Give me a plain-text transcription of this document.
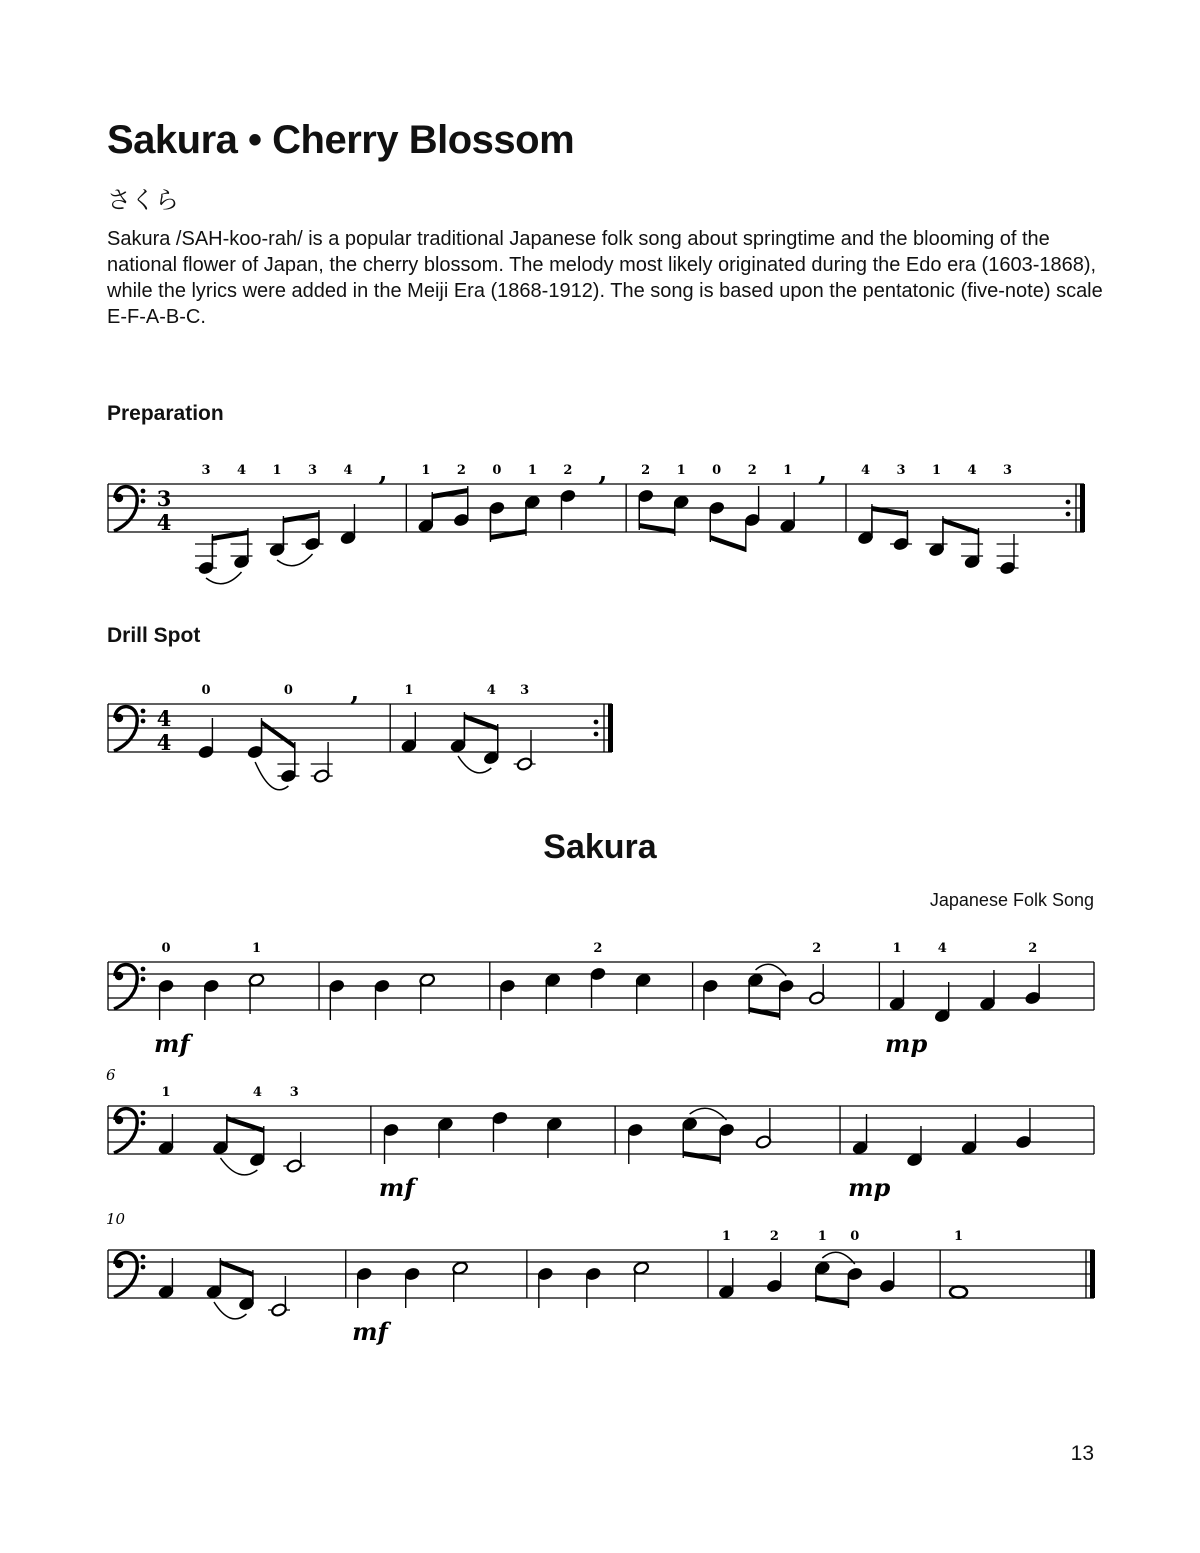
Sakura • Cherry Blossom

さくら

Sakura /SAH-koo-rah/ is a popular traditional Japanese folk song about springtime and the blooming of the national flower of Japan, the cherry blossom. The melody most likely originated during the Edo era (1603-1868), while the lyrics were added in the Meiji Era (1868-1912). The song is based upon the pentatonic (five-note) scale E-F-A-B-C.

Preparation
3
4
3 4 1 3 4 ,	1 2 0 1 2 ,	2 1 0 2 1 ,	4 3 1 4 3
Drill Spot
4
4
0	0 ,	1	4 3
Sakura

Japanese Folk Song

0
mf
1	2	2	1
mp
4	2
6
1	4 3
mf	mp
10
mf
1	2	1 0	1

13
